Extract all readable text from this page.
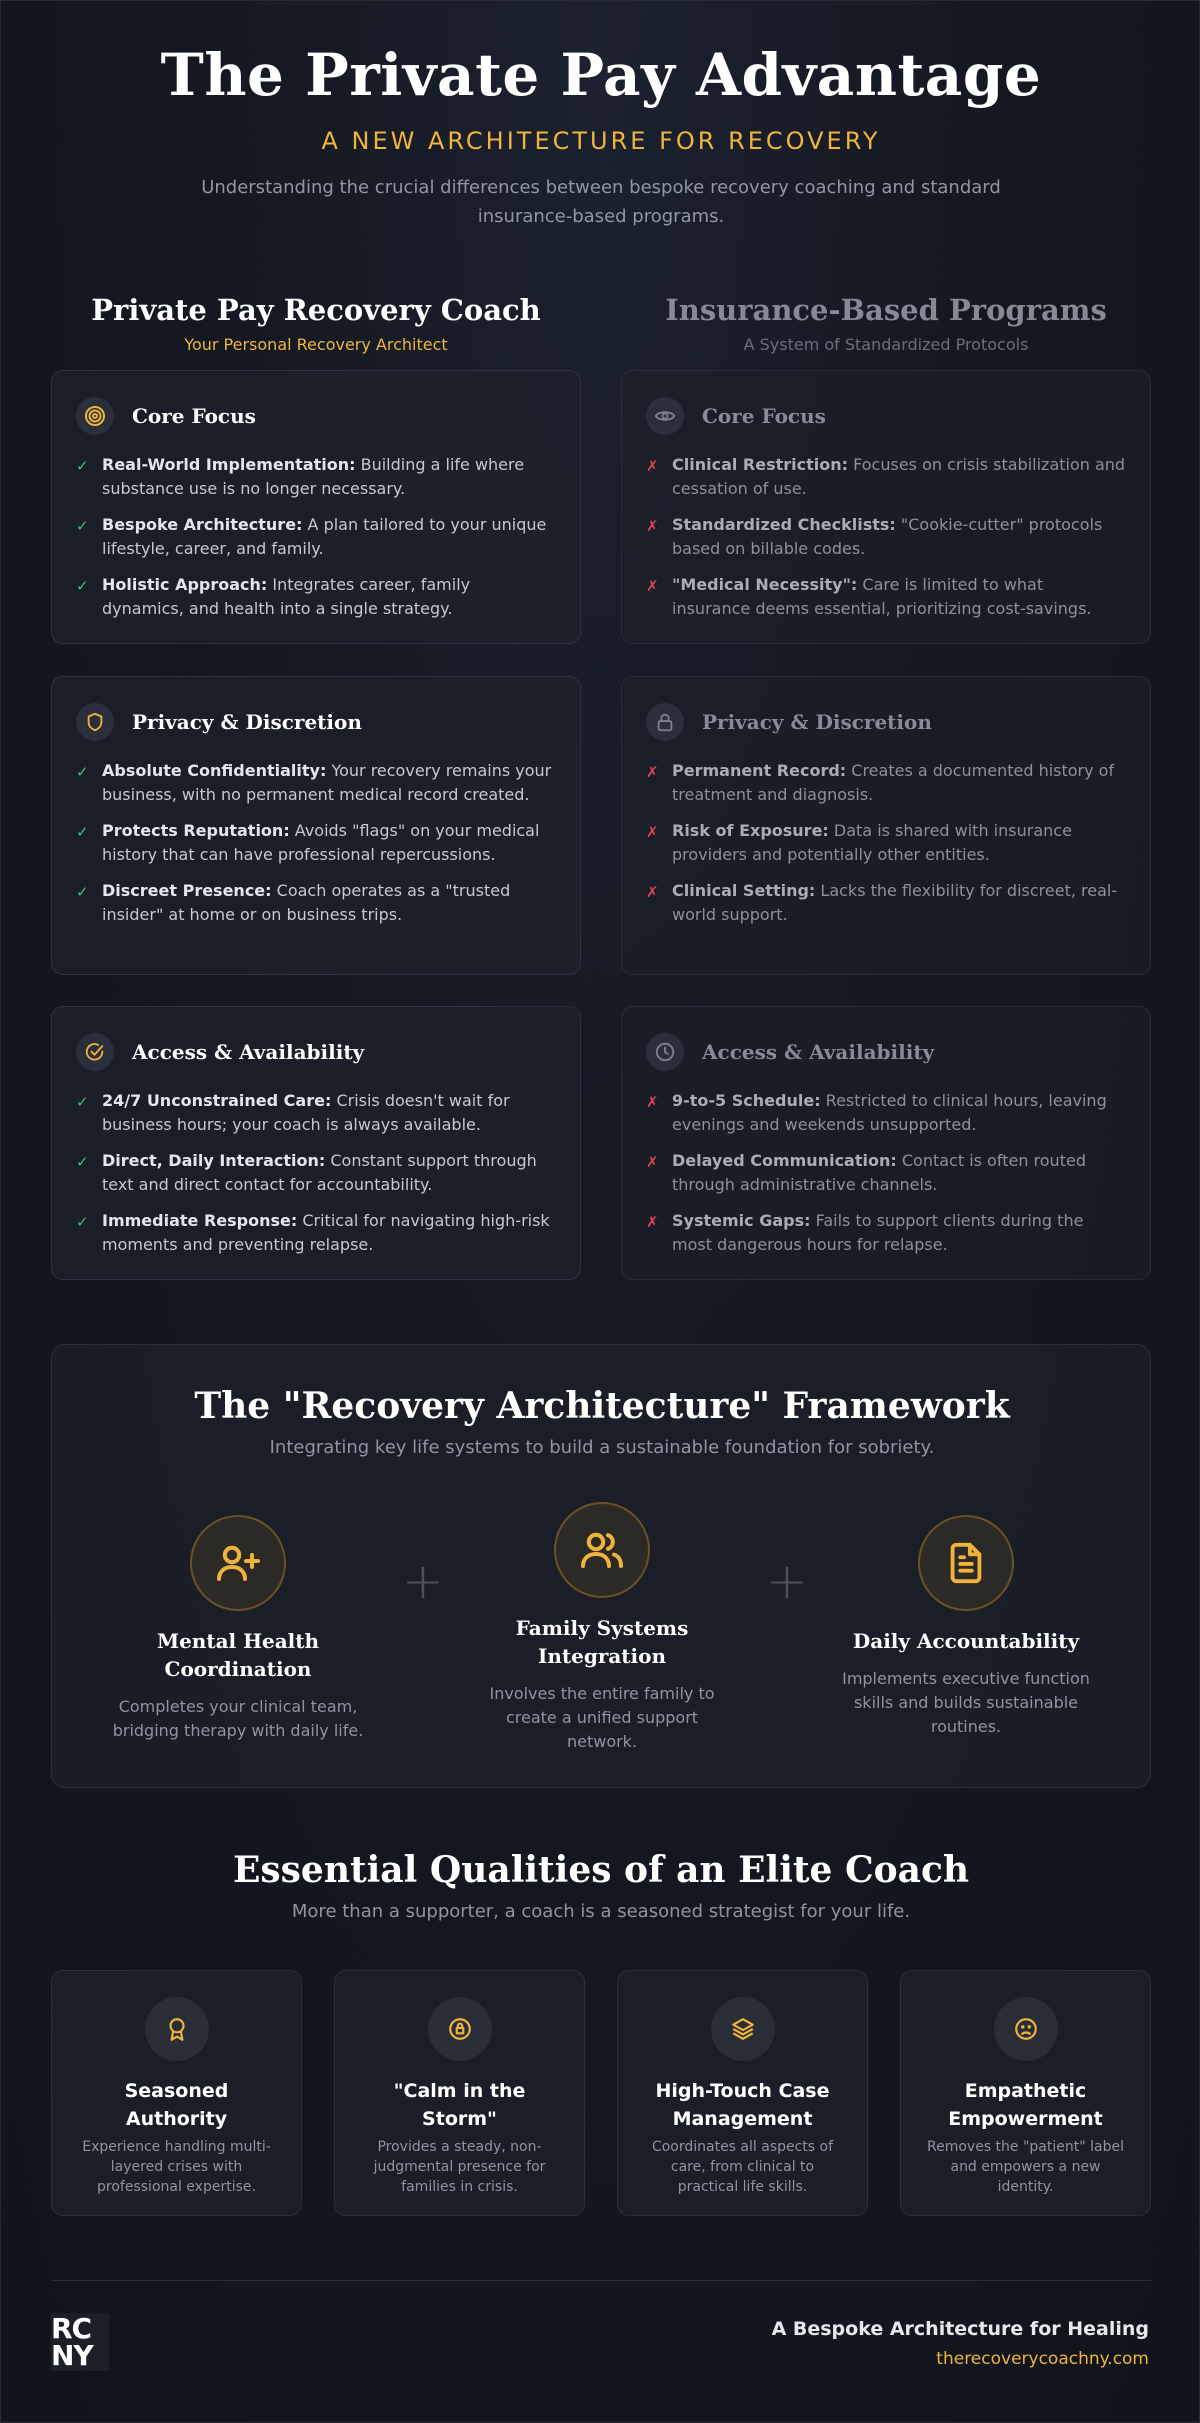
The Private Pay Advantage
A NEW ARCHITECTURE FOR RECOVERY

Understanding the crucial differences between bespoke recovery coaching and standard insurance-based programs.

Private Pay Recovery Coach
Your Personal Recovery Architect
Insurance-Based Programs
A System of Standardized Protocols
Core Focus
✓ Real-World Implementation: Building a life where substance use is no longer necessary.
✓ Bespoke Architecture: A plan tailored to your unique lifestyle, career, and family.
✓ Holistic Approach: Integrates career, family dynamics, and health into a single strategy.
Privacy & Discretion
✓ Absolute Confidentiality: Your recovery remains your business, with no permanent medical record created.
✓ Protects Reputation: Avoids "flags" on your medical history that can have professional repercussions.
✓ Discreet Presence: Coach operates as a "trusted insider" at home or on business trips.
Access & Availability
✓ 24/7 Unconstrained Care: Crisis doesn't wait for business hours; your coach is always available.
✓ Direct, Daily Interaction: Constant support through text and direct contact for accountability.
✓ Immediate Response: Critical for navigating high-risk moments and preventing relapse.
Core Focus
✗ Clinical Restriction: Focuses on crisis stabilization and cessation of use.
✗ Standardized Checklists: "Cookie-cutter" protocols based on billable codes.
✗ "Medical Necessity": Care is limited to what insurance deems essential, prioritizing cost-savings.
Privacy & Discretion
✗ Permanent Record: Creates a documented history of treatment and diagnosis.
✗ Risk of Exposure: Data is shared with insurance providers and potentially other entities.
✗ Clinical Setting: Lacks the flexibility for discreet, real-world support.
Access & Availability
✗ 9-to-5 Schedule: Restricted to clinical hours, leaving evenings and weekends unsupported.
✗ Delayed Communication: Contact is often routed through administrative channels.
✗ Systemic Gaps: Fails to support clients during the most dangerous hours for relapse.
The "Recovery Architecture" Framework
Integrating key life systems to build a sustainable foundation for sobriety.
Mental Health Coordination
Completes your clinical team, bridging therapy with daily life.
+
Family Systems Integration
Involves the entire family to create a unified support network.
+
Daily Accountability
Implements executive function skills and builds sustainable routines.
Essential Qualities of an Elite Coach
More than a supporter, a coach is a seasoned strategist for your life.
Seasoned Authority
Experience handling multi-layered crises with professional expertise.
"Calm in the Storm"
Provides a steady, non-judgmental presence for families in crisis.
High-Touch Case Management
Coordinates all aspects of care, from clinical to practical life skills.
Empathetic Empowerment
Removes the "patient" label and empowers a new identity.
RC
NY
A Bespoke Architecture for Healing
therecoverycoachny.com
